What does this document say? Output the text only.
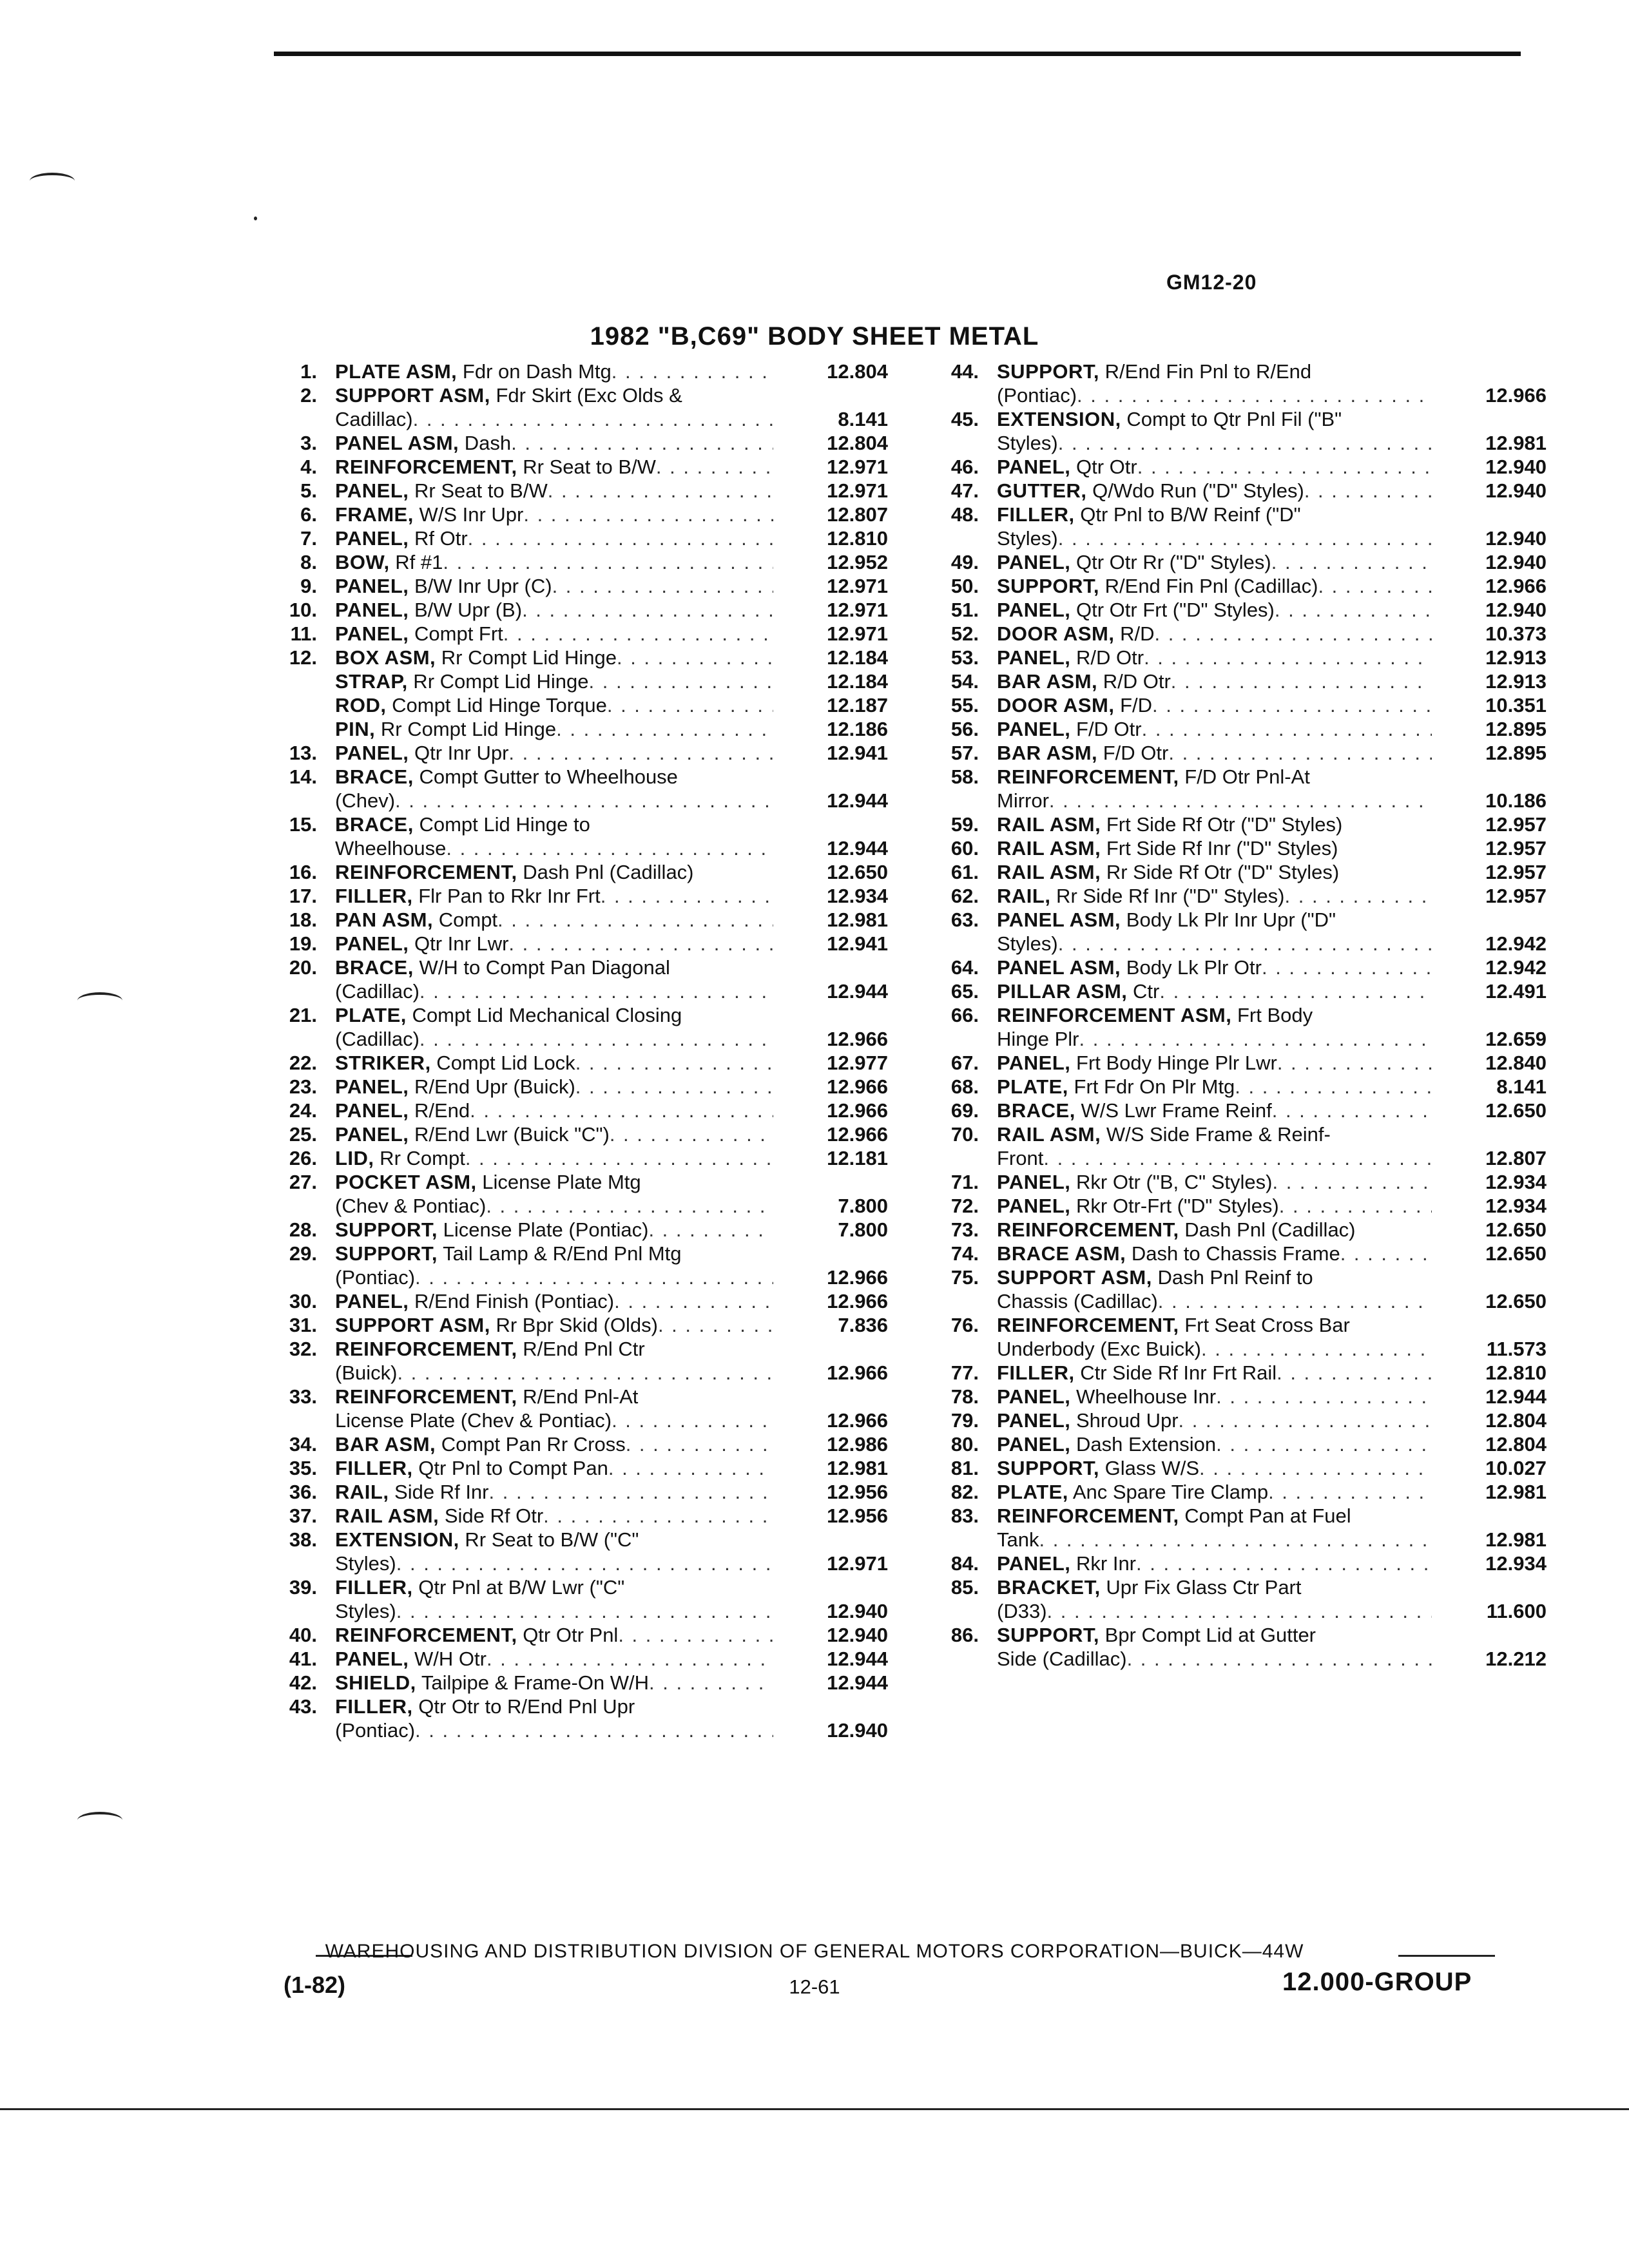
GM12-20
1982 "B,C69" BODY SHEET METAL
1. PLATE ASM, Fdr on Dash Mtg . . .	12.804
2. SUPPORT ASM, Fdr Skirt (Exc Olds &
Cadillac) . . .	8.141
3. PANEL ASM, Dash . . .	12.804
4. REINFORCEMENT, Rr Seat to B/W . . .	12.971
5. PANEL, Rr Seat to B/W . . .	12.971
6. FRAME, W/S Inr Upr . . .	12.807
7. PANEL, Rf Otr . . .	12.810
8. BOW, Rf #1 . . .	12.952
9. PANEL, B/W Inr Upr (C) . . .	12.971
10. PANEL, B/W Upr (B) . . .	12.971
11. PANEL, Compt Frt . . .	12.971
12. BOX ASM, Rr Compt Lid Hinge . . .	12.184
STRAP, Rr Compt Lid Hinge . . .	12.184
ROD, Compt Lid Hinge Torque . . .	12.187
PIN, Rr Compt Lid Hinge . . .	12.186
13. PANEL, Qtr Inr Upr . . .	12.941
14. BRACE, Compt Gutter to Wheelhouse
(Chev) . . .	12.944
15. BRACE, Compt Lid Hinge to
Wheelhouse . . .	12.944
16. REINFORCEMENT, Dash Pnl (Cadillac)	12.650
17. FILLER, Flr Pan to Rkr Inr Frt . . .	12.934
18. PAN ASM, Compt . . .	12.981
19. PANEL, Qtr Inr Lwr . . .	12.941
20. BRACE, W/H to Compt Pan Diagonal
(Cadillac) . . .	12.944
21. PLATE, Compt Lid Mechanical Closing
(Cadillac) . . .	12.966
22. STRIKER, Compt Lid Lock . . .	12.977
23. PANEL, R/End Upr (Buick) . . .	12.966
24. PANEL, R/End . . .	12.966
25. PANEL, R/End Lwr (Buick "C") . . .	12.966
26. LID, Rr Compt . . .	12.181
27. POCKET ASM, License Plate Mtg
(Chev & Pontiac) . . .	7.800
28. SUPPORT, License Plate (Pontiac) . . .	7.800
29. SUPPORT, Tail Lamp & R/End Pnl Mtg
(Pontiac) . . .	12.966
30. PANEL, R/End Finish (Pontiac) . . .	12.966
31. SUPPORT ASM, Rr Bpr Skid (Olds) . . .	7.836
32. REINFORCEMENT, R/End Pnl Ctr
(Buick) . . .	12.966
33. REINFORCEMENT, R/End Pnl-At
License Plate (Chev & Pontiac) . . .	12.966
34. BAR ASM, Compt Pan Rr Cross . . .	12.986
35. FILLER, Qtr Pnl to Compt Pan . . .	12.981
36. RAIL, Side Rf Inr . . .	12.956
37. RAIL ASM, Side Rf Otr . . .	12.956
38. EXTENSION, Rr Seat to B/W ("C"
Styles) . . .	12.971
39. FILLER, Qtr Pnl at B/W Lwr ("C"
Styles) . . .	12.940
40. REINFORCEMENT, Qtr Otr Pnl . . .	12.940
41. PANEL, W/H Otr . . .	12.944
42. SHIELD, Tailpipe & Frame-On W/H . . .	12.944
43. FILLER, Qtr Otr to R/End Pnl Upr
(Pontiac) . . .	12.940
44. SUPPORT, R/End Fin Pnl to R/End
(Pontiac) . . .	12.966
45. EXTENSION, Compt to Qtr Pnl Fil ("B"
Styles) . . .	12.981
46. PANEL, Qtr Otr . . .	12.940
47. GUTTER, Q/Wdo Run ("D" Styles) . . .	12.940
48. FILLER, Qtr Pnl to B/W Reinf ("D"
Styles) . . .	12.940
49. PANEL, Qtr Otr Rr ("D" Styles) . . .	12.940
50. SUPPORT, R/End Fin Pnl (Cadillac) . . .	12.966
51. PANEL, Qtr Otr Frt ("D" Styles) . . .	12.940
52. DOOR ASM, R/D . . .	10.373
53. PANEL, R/D Otr . . .	12.913
54. BAR ASM, R/D Otr . . .	12.913
55. DOOR ASM, F/D . . .	10.351
56. PANEL, F/D Otr . . .	12.895
57. BAR ASM, F/D Otr . . .	12.895
58. REINFORCEMENT, F/D Otr Pnl-At
Mirror . . .	10.186
59. RAIL ASM, Frt Side Rf Otr ("D" Styles)	12.957
60. RAIL ASM, Frt Side Rf Inr ("D" Styles)	12.957
61. RAIL ASM, Rr Side Rf Otr ("D" Styles)	12.957
62. RAIL, Rr Side Rf Inr ("D" Styles) . . .	12.957
63. PANEL ASM, Body Lk Plr Inr Upr ("D"
Styles) . . .	12.942
64. PANEL ASM, Body Lk Plr Otr . . .	12.942
65. PILLAR ASM, Ctr . . .	12.491
66. REINFORCEMENT ASM, Frt Body
Hinge Plr . . .	12.659
67. PANEL, Frt Body Hinge Plr Lwr . . .	12.840
68. PLATE, Frt Fdr On Plr Mtg . . .	8.141
69. BRACE, W/S Lwr Frame Reinf . . .	12.650
70. RAIL ASM, W/S Side Frame & Reinf-
Front . . .	12.807
71. PANEL, Rkr Otr ("B, C" Styles) . . .	12.934
72. PANEL, Rkr Otr-Frt ("D" Styles) . . .	12.934
73. REINFORCEMENT, Dash Pnl (Cadillac)	12.650
74. BRACE ASM, Dash to Chassis Frame . . .	12.650
75. SUPPORT ASM, Dash Pnl Reinf to
Chassis (Cadillac) . . .	12.650
76. REINFORCEMENT, Frt Seat Cross Bar
Underbody (Exc Buick) . . .	11.573
77. FILLER, Ctr Side Rf Inr Frt Rail . . .	12.810
78. PANEL, Wheelhouse Inr . . .	12.944
79. PANEL, Shroud Upr . . .	12.804
80. PANEL, Dash Extension . . .	12.804
81. SUPPORT, Glass W/S . . .	10.027
82. PLATE, Anc Spare Tire Clamp . . .	12.981
83. REINFORCEMENT, Compt Pan at Fuel
Tank . . .	12.981
84. PANEL, Rkr Inr . . .	12.934
85. BRACKET, Upr Fix Glass Ctr Part
(D33) . . .	11.600
86. SUPPORT, Bpr Compt Lid at Gutter
Side (Cadillac) . . .	12.212
WAREHOUSING AND DISTRIBUTION DIVISION OF GENERAL MOTORS CORPORATION—BUICK—44W
(1-82)	12-61	12.000-GROUP
